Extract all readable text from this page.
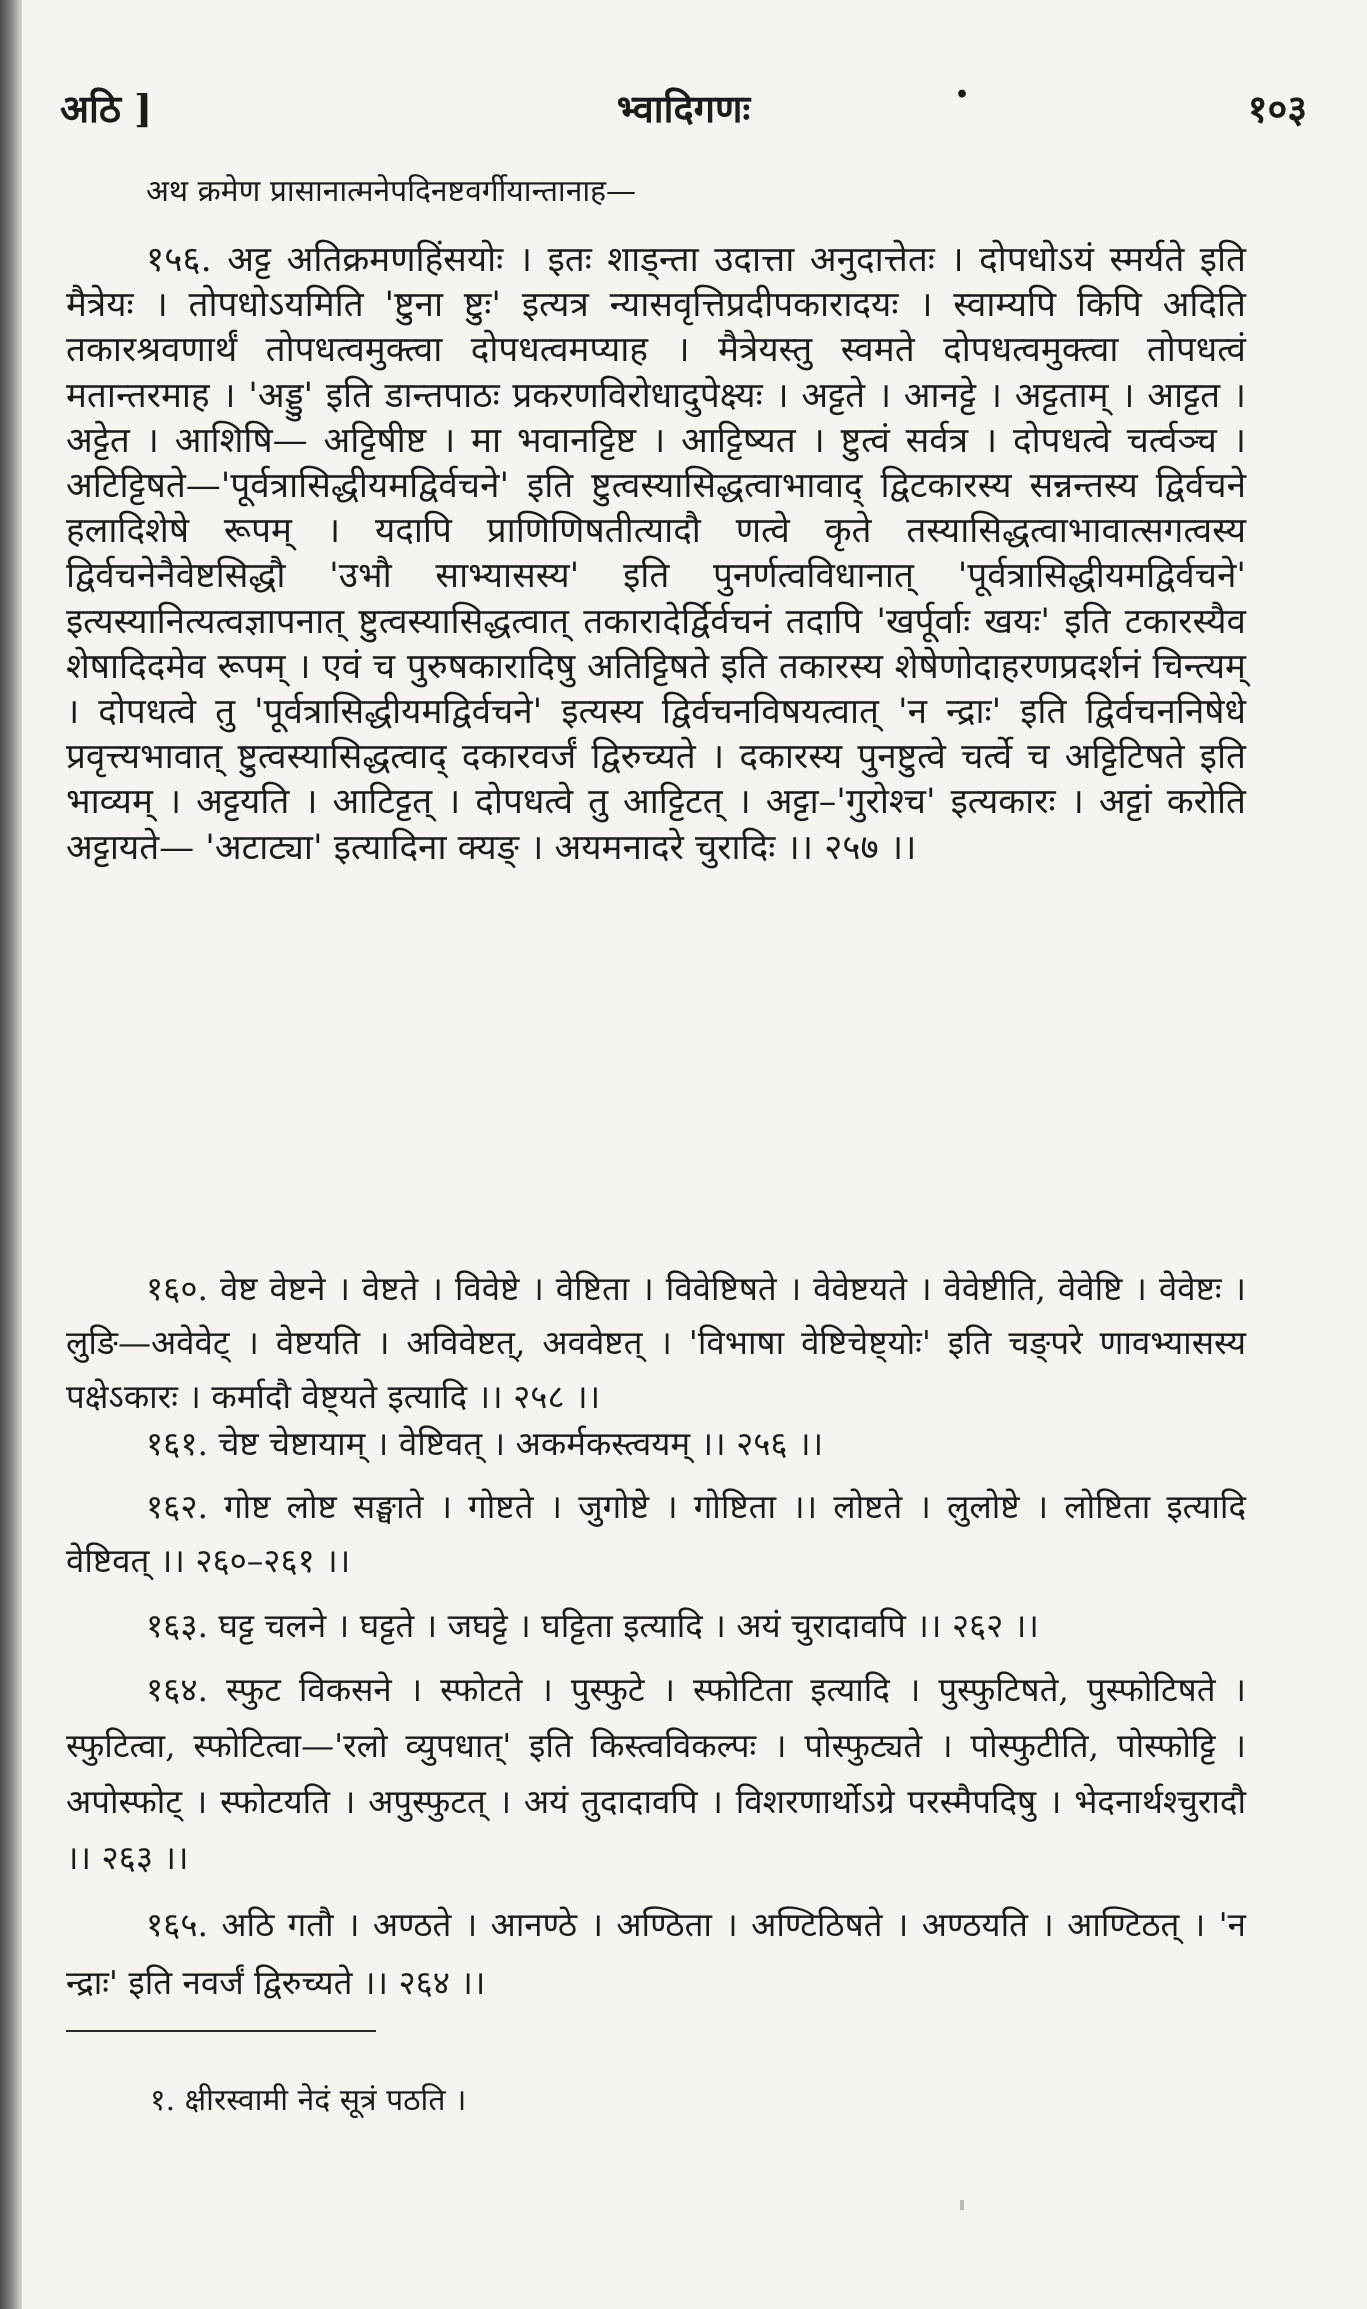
अठि ]	भ्वादिगणः	•	१०३
अथ क्रमेण प्रासानात्मनेपदिनष्टवर्गीयान्तानाह—
१५६. अट्ट अतिक्रमणहिंसयोः । इतः शाड्न्ता उदात्ता अनुदात्तेतः । दोपधोऽयं स्मर्यते इति मैत्रेयः । तोपधोऽयमिति 'ष्टुना ष्टुः' इत्यत्र न्यासवृत्तिप्रदीपकारादयः । स्वाम्यपि किपि अदिति तकारश्रवणार्थं तोपधत्वमुक्त्वा दोपधत्वमप्याह । मैत्रेयस्तु स्वमते दोपधत्वमुक्त्वा तोपधत्वं मतान्तरमाह । 'अड्डु' इति डान्तपाठः प्रकरणविरोधादुपेक्ष्यः । अट्टते । आनट्टे । अट्टताम् । आट्टत । अट्टेत । आशिषि— अट्टिषीष्ट । मा भवानट्टिष्ट । आट्टिष्यत । ष्टुत्वं सर्वत्र । दोपधत्वे चर्त्वञ्च । अटिट्टिषते—'पूर्वत्रासिद्धीयमद्विर्वचने' इति ष्टुत्वस्यासिद्धत्वाभावाद् द्विटकारस्य सन्नन्तस्य द्विर्वचने हलादिशेषे रूपम् । यदापि प्राणिणिषतीत्यादौ णत्वे कृते तस्यासिद्धत्वाभावात्सगत्वस्य द्विर्वचनेनैवेष्टसिद्धौ 'उभौ साभ्यासस्य' इति पुनर्णत्वविधानात् 'पूर्वत्रासिद्धीयमद्विर्वचने' इत्यस्यानित्यत्वज्ञापनात् ष्टुत्वस्यासिद्धत्वात् तकारादेर्द्विर्वचनं तदापि 'खर्पूर्वाः खयः' इति टकारस्यैव शेषादिदमेव रूपम् । एवं च पुरुषकारादिषु अतिट्टिषते इति तकारस्य शेषेणोदाहरणप्रदर्शनं चिन्त्यम् । दोपधत्वे तु 'पूर्वत्रासिद्धीयमद्विर्वचने' इत्यस्य द्विर्वचनविषयत्वात् 'न न्द्राः' इति द्विर्वचननिषेधे प्रवृत्त्यभावात् ष्टुत्वस्यासिद्धत्वाद् दकारवर्जं द्विरुच्यते । दकारस्य पुनष्टुत्वे चर्त्वे च अट्टिटिषते इति भाव्यम् । अट्टयति । आटिट्टत् । दोपधत्वे तु आट्टिटत् । अट्टा–'गुरोश्च' इत्यकारः । अट्टां करोति अट्टायते— 'अटाट्या' इत्यादिना क्यङ् । अयमनादरे चुरादिः ।। २५७ ।।
१६०. वेष्ट वेष्टने । वेष्टते । विवेष्टे । वेष्टिता । विवेष्टिषते । वेवेष्टयते । वेवेष्टीति, वेवेष्टि । वेवेष्टः । लुङि—अवेवेट् । वेष्टयति । अविवेष्टत्, अववेष्टत् । 'विभाषा वेष्टिचेष्ट्योः' इति चङ्परे णावभ्यासस्य पक्षेऽकारः । कर्मादौ वेष्ट्यते इत्यादि ।। २५८ ।।
१६१. चेष्ट चेष्टायाम् । वेष्टिवत् । अकर्मकस्त्वयम् ।। २५६ ।।
१६२. गोष्ट लोष्ट सङ्घाते । गोष्टते । जुगोष्टे । गोष्टिता ।। लोष्टते । लुलोष्टे । लोष्टिता इत्यादि वेष्टिवत् ।। २६०–२६१ ।।
१६३. घट्ट चलने । घट्टते । जघट्टे । घट्टिता इत्यादि । अयं चुरादावपि ।। २६२ ।।
१६४. स्फुट विकसने । स्फोटते । पुस्फुटे । स्फोटिता इत्यादि । पुस्फुटिषते, पुस्फोटिषते । स्फुटित्वा, स्फोटित्वा—'रलो व्युपधात्' इति किस्त्वविकल्पः । पोस्फुट्यते । पोस्फुटीति, पोस्फोट्टि । अपोस्फोट् । स्फोटयति । अपुस्फुटत् । अयं तुदादावपि । विशरणार्थोऽग्रे परस्मैपदिषु । भेदनार्थश्चुरादौ ।। २६३ ।।
१६५. अठि गतौ । अण्ठते । आनण्ठे । अण्ठिता । अण्टिठिषते । अण्ठयति । आण्टिठत् । 'न न्द्राः' इति नवर्जं द्विरुच्यते ।। २६४ ।।
१. क्षीरस्वामी नेदं सूत्रं पठति ।
